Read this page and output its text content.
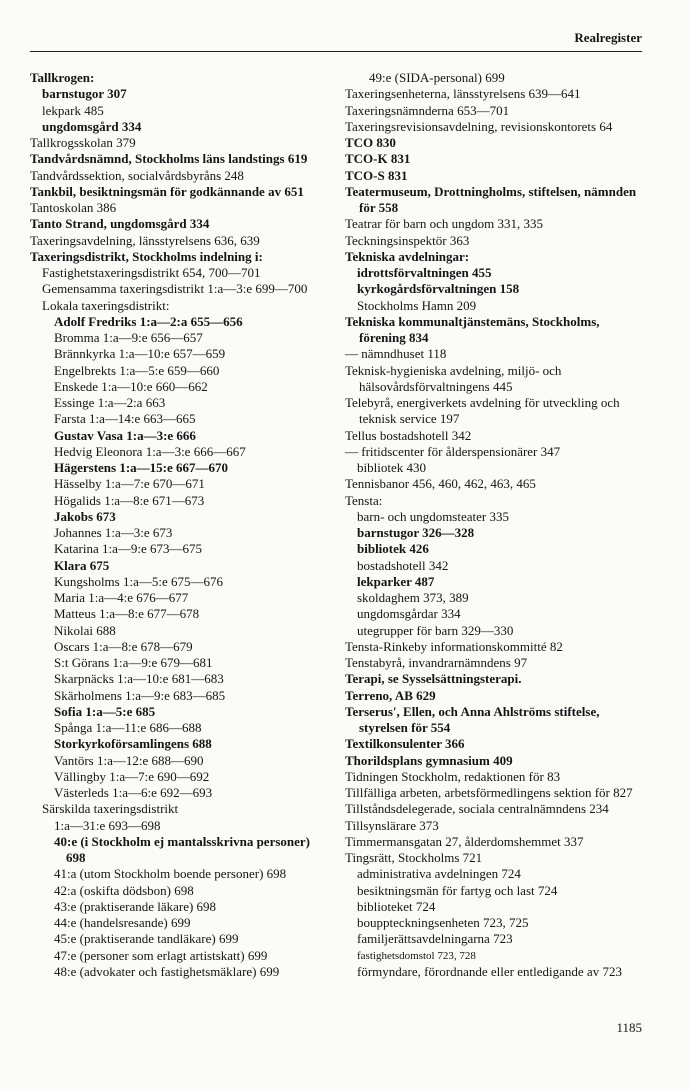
Realregister
Tallkrogen:
barnstugor 307
lekpark 485
ungdomsgård 334
Tallkrogsskolan 379
Tandvårdsnämnd, Stockholms läns landstings 619
Tandvårdssektion, socialvårdsbyråns 248
Tankbil, besiktningsmän för godkännande av 651
Tantoskolan 386
Tanto Strand, ungdomsgård 334
Taxeringsavdelning, länsstyrelsens 636, 639
Taxeringsdistrikt, Stockholms indelning i:
Fastighetstaxeringsdistrikt 654, 700—701
Gemensamma taxeringsdistrikt 1:a—3:e 699—700
Lokala taxeringsdistrikt:
Adolf Fredriks 1:a—2:a 655—656
Bromma 1:a—9:e 656—657
Brännkyrka 1:a—10:e 657—659
Engelbrekts 1:a—5:e 659—660
Enskede 1:a—10:e 660—662
Essinge 1:a—2:a 663
Farsta 1:a—14:e 663—665
Gustav Vasa 1:a—3:e 666
Hedvig Eleonora 1:a—3:e 666—667
Hägerstens 1:a—15:e 667—670
Hässelby 1:a—7:e 670—671
Högalids 1:a—8:e 671—673
Jakobs 673
Johannes 1:a—3:e 673
Katarina 1:a—9:e 673—675
Klara 675
Kungsholms 1:a—5:e 675—676
Maria 1:a—4:e 676—677
Matteus 1:a—8:e 677—678
Nikolai 688
Oscars 1:a—8:e 678—679
S:t Görans 1:a—9:e 679—681
Skarpnäcks 1:a—10:e 681—683
Skärholmens 1:a—9:e 683—685
Sofia 1:a—5:e 685
Spånga 1:a—11:e 686—688
Storkyrkoförsamlingens 688
Vantörs 1:a—12:e 688—690
Vällingby 1:a—7:e 690—692
Västerleds 1:a—6:e 692—693
Särskilda taxeringsdistrikt
1:a—31:e 693—698
40:e (i Stockholm ej mantalsskrivna personer) 698
41:a (utom Stockholm boende personer) 698
42:a (oskifta dödsbon) 698
43:e (praktiserande läkare) 698
44:e (handelsresande) 699
45:e (praktiserande tandläkare) 699
47:e (personer som erlagt artistskatt) 699
48:e (advokater och fastighetsmäklare) 699
49:e (SIDA-personal) 699
Taxeringsenheterna, länsstyrelsens 639—641
Taxeringsnämnderna 653—701
Taxeringsrevisionsavdelning, revisionskontorets 64
TCO 830
TCO-K 831
TCO-S 831
Teatermuseum, Drottningholms, stiftelsen, nämnden för 558
Teatrar för barn och ungdom 331, 335
Teckningsinspektör 363
Tekniska avdelningar:
idrottsförvaltningen 455
kyrkogårdsförvaltningen 158
Stockholms Hamn 209
Tekniska kommunaltjänstemäns, Stockholms, förening 834
— nämndhuset 118
Teknisk-hygieniska avdelning, miljö- och hälsovårdsförvaltningens 445
Telebyrå, energiverkets avdelning för utveckling och teknisk service 197
Tellus bostadshotell 342
— fritidscenter för ålderspensionärer 347
bibliotek 430
Tennisbanor 456, 460, 462, 463, 465
Tensta:
barn- och ungdomsteater 335
barnstugor 326—328
bibliotek 426
bostadshotell 342
lekparker 487
skoldaghem 373, 389
ungdomsgårdar 334
utegrupper för barn 329—330
Tensta-Rinkeby informationskommitté 82
Tenstabyrå, invandrarnämndens 97
Terapi, se Sysselsättningsterapi.
Terreno, AB 629
Terserus', Ellen, och Anna Ahlströms stiftelse, styrelsen för 554
Textilkonsulenter 366
Thorildsplans gymnasium 409
Tidningen Stockholm, redaktionen för 83
Tillfälliga arbeten, arbetsförmedlingens sektion för 827
Tillståndsdelegerade, sociala centralnämndens 234
Tillsynslärare 373
Timmermansgatan 27, ålderdomshemmet 337
Tingsrätt, Stockholms 721
administrativa avdelningen 724
besiktningsmän för fartyg och last 724
biblioteket 724
bouppteckningsenheten 723, 725
familjerättsavdelningarna 723
fastighetsdomstol 723, 728
förmyndare, förordnande eller entledigande av 723
1185
